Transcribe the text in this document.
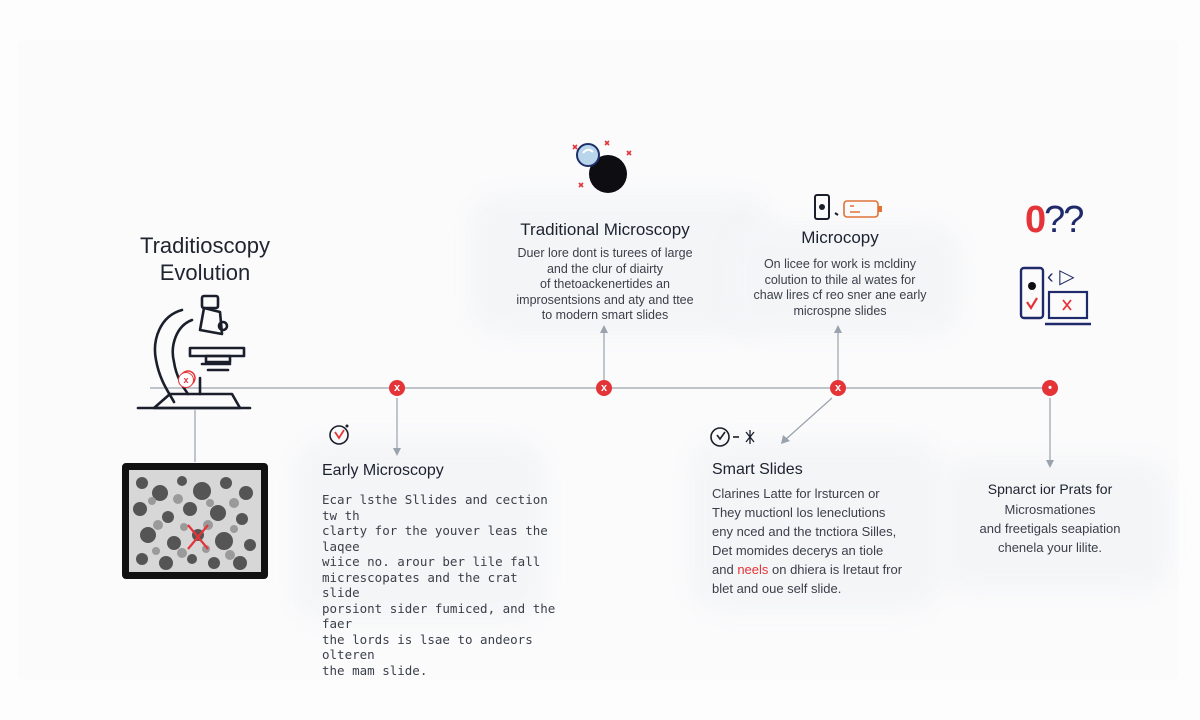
Traditioscopy
Evolution
0??
‹ ▷
x	x	x	•
x
Traditional Microscopy

Duer lore dont is turees of large
and the clur of diairty
of thetoackenertides an
improsentsions and aty and ttee
to modern smart slides

Microcopy

On licee for work is mcldiny
colution to thile al wates for
chaw lires cf reo sner ane early
microspne slides

Early Microscopy

Ecar lsthe Sllides and cection tw th
clarty for the youver leas the laqee
wiice no. arour ber lile fall
micrescopates and the crat slide
porsiont sider fumiced, and the faer
the lords is lsae to andeors olteren
the mam slide.

Smart Slides

Clarines Latte for lrsturcen or
They muctionl los leneclutions
eny nced and the tnctiora Silles,
Det momides decerys an tiole
and neels on dhiera is lretaut fror
blet and oue self slide.

Spnarct ior Prats for

Microsmationes
and freetigals seapiation
chenela your lilite.
